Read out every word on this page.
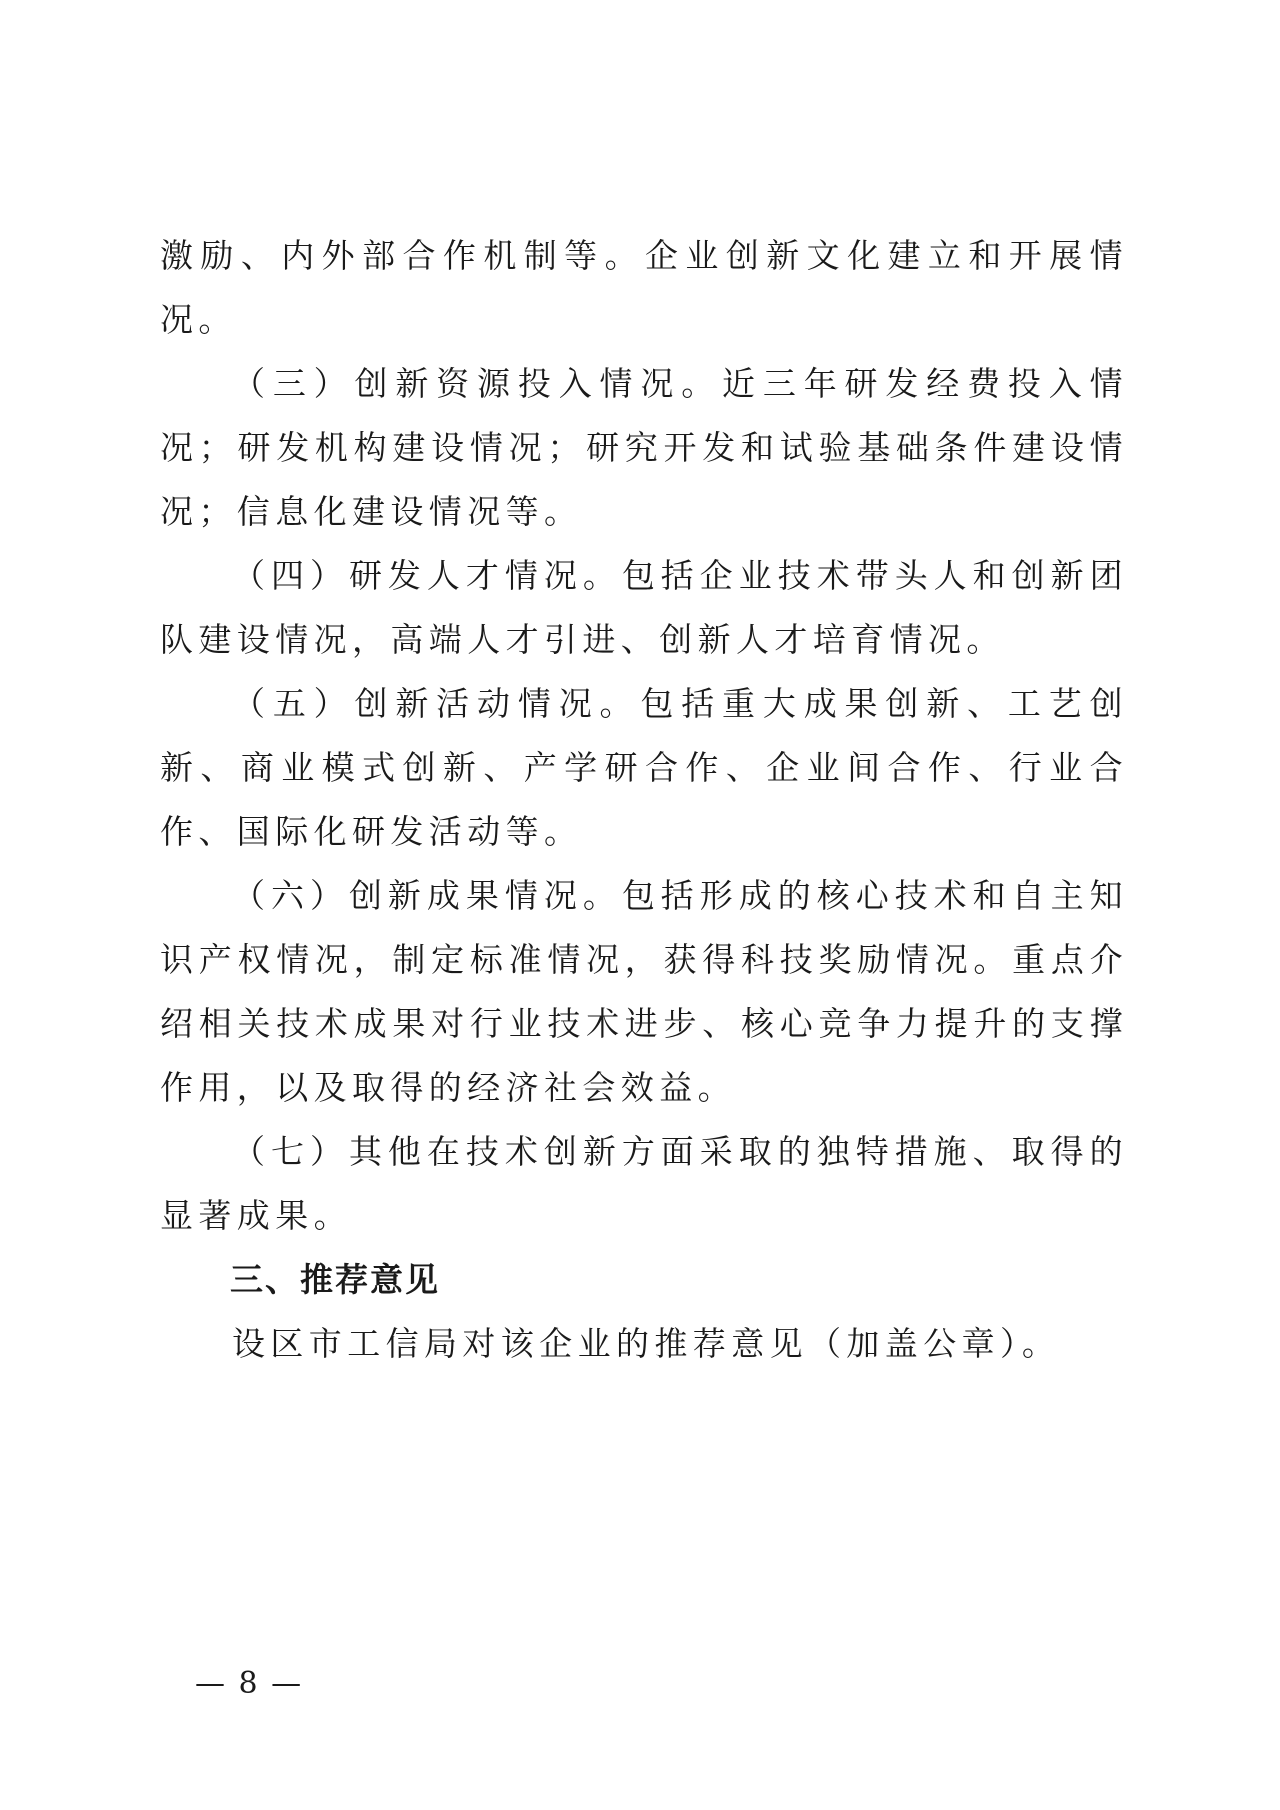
激励、内外部合作机制等。企业创新文化建立和开展情况。

（三）创新资源投入情况。近三年研发经费投入情况；研发机构建设情况；研究开发和试验基础条件建设情况；信息化建设情况等。

（四）研发人才情况。包括企业技术带头人和创新团队建设情况，高端人才引进、创新人才培育情况。

（五）创新活动情况。包括重大成果创新、工艺创新、商业模式创新、产学研合作、企业间合作、行业合作、国际化研发活动等。

（六）创新成果情况。包括形成的核心技术和自主知识产权情况，制定标准情况，获得科技奖励情况。重点介绍相关技术成果对行业技术进步、核心竞争力提升的支撑作用，以及取得的经济社会效益。

（七）其他在技术创新方面采取的独特措施、取得的显著成果。

三、推荐意见

设区市工信局对该企业的推荐意见（加盖公章）。

— 8 —
